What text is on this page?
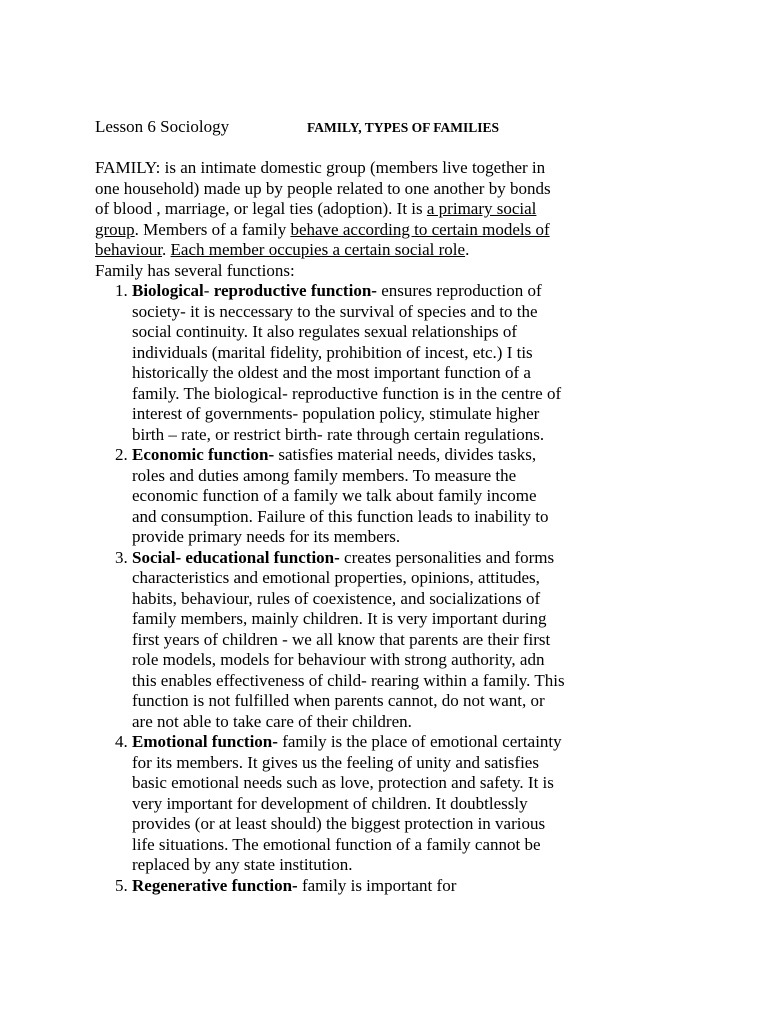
Lesson 6 Sociology	FAMILY, TYPES OF FAMILIES

FAMILY: is an intimate domestic group (members live together in one household) made up by people related to one another by bonds of blood , marriage, or legal ties (adoption). It is a primary social group. Members of a family behave according to certain models of behaviour. Each member occupies a certain social role.

Family has several functions:

1. Biological- reproductive function- ensures reproduction of society- it is neccessary to the survival of species and to the social continuity. It also regulates sexual relationships of individuals (marital fidelity, prohibition of incest, etc.) I tis historically the oldest and the most important function of a family. The biological- reproductive function is in the centre of interest of governments- population policy, stimulate higher birth – rate, or restrict birth- rate through certain regulations.
2. Economic function- satisfies material needs, divides tasks, roles and duties among family members. To measure the economic function of a family we talk about family income and consumption. Failure of this function leads to inability to provide primary needs for its members.
3. Social- educational function- creates personalities and forms characteristics and emotional properties, opinions, attitudes, habits, behaviour, rules of coexistence, and socializations of family members, mainly children. It is very important during first years of children - we all know that parents are their first role models, models for behaviour with strong authority, adn this enables effectiveness of child- rearing within a family. This function is not fulfilled when parents cannot, do not want, or are not able to take care of their children.
4. Emotional function- family is the place of emotional certainty for its members. It gives us the feeling of unity and satisfies basic emotional needs such as love, protection and safety. It is very important for development of children. It doubtlessly provides (or at least should) the biggest protection in various life situations. The emotional function of a family cannot be replaced by any state institution.
5. Regenerative function- family is important for
